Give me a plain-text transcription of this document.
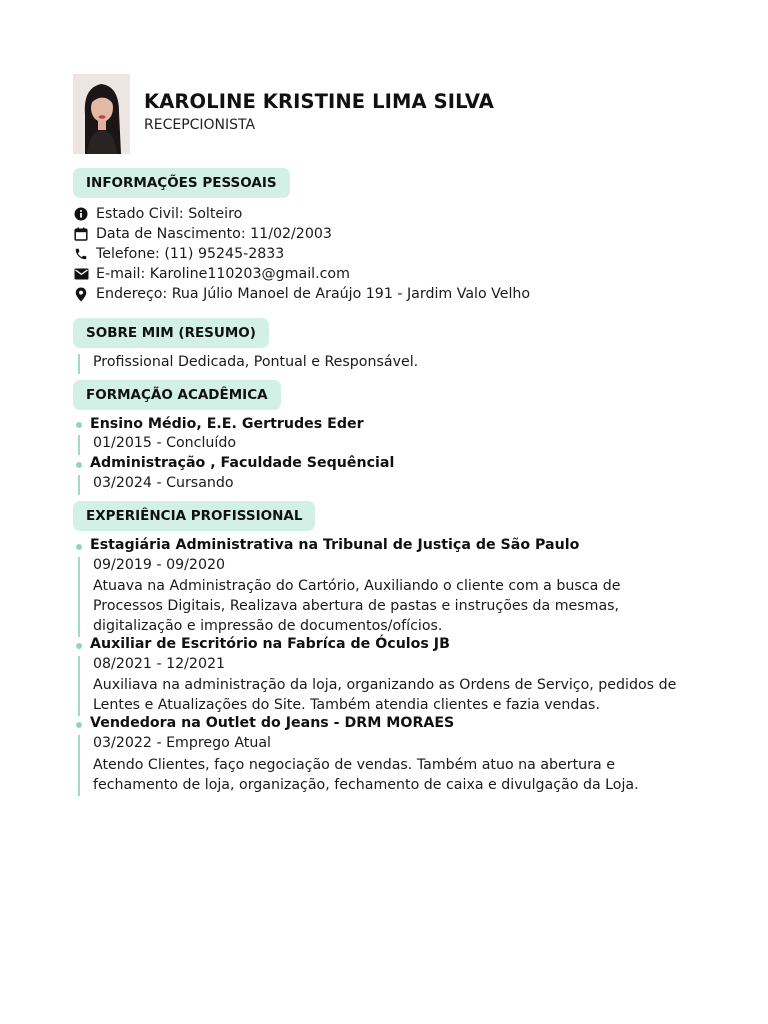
KAROLINE KRISTINE LIMA SILVA
RECEPCIONISTA
INFORMAÇÕES PESSOAIS
Estado Civil: Solteiro
Data de Nascimento: 11/02/2003
Telefone: (11) 95245-2833
E-mail: Karoline110203@gmail.com
Endereço: Rua Júlio Manoel de Araújo 191 - Jardim Valo Velho
SOBRE MIM (RESUMO)
Profissional Dedicada, Pontual e Responsável.
FORMAÇÃO ACADÊMICA
Ensino Médio, E.E. Gertrudes Eder
01/2015 - Concluído
Administração , Faculdade Sequêncial
03/2024 - Cursando
EXPERIÊNCIA PROFISSIONAL
Estagiária Administrativa na Tribunal de Justiça de São Paulo
09/2019 - 09/2020
Atuava na Administração do Cartório, Auxiliando o cliente com a busca de
Processos Digitais, Realizava abertura de pastas e instruções da mesmas,
digitalização e impressão de documentos/ofícios.
Auxiliar de Escritório na Fabríca de Óculos JB
08/2021 - 12/2021
Auxiliava na administração da loja, organizando as Ordens de Serviço, pedidos de
Lentes e Atualizações do Site. Também atendia clientes e fazia vendas.
Vendedora na Outlet do Jeans - DRM MORAES
03/2022 - Emprego Atual
Atendo Clientes, faço negociação de vendas. Também atuo na abertura e
fechamento de loja, organização, fechamento de caixa e divulgação da Loja.
